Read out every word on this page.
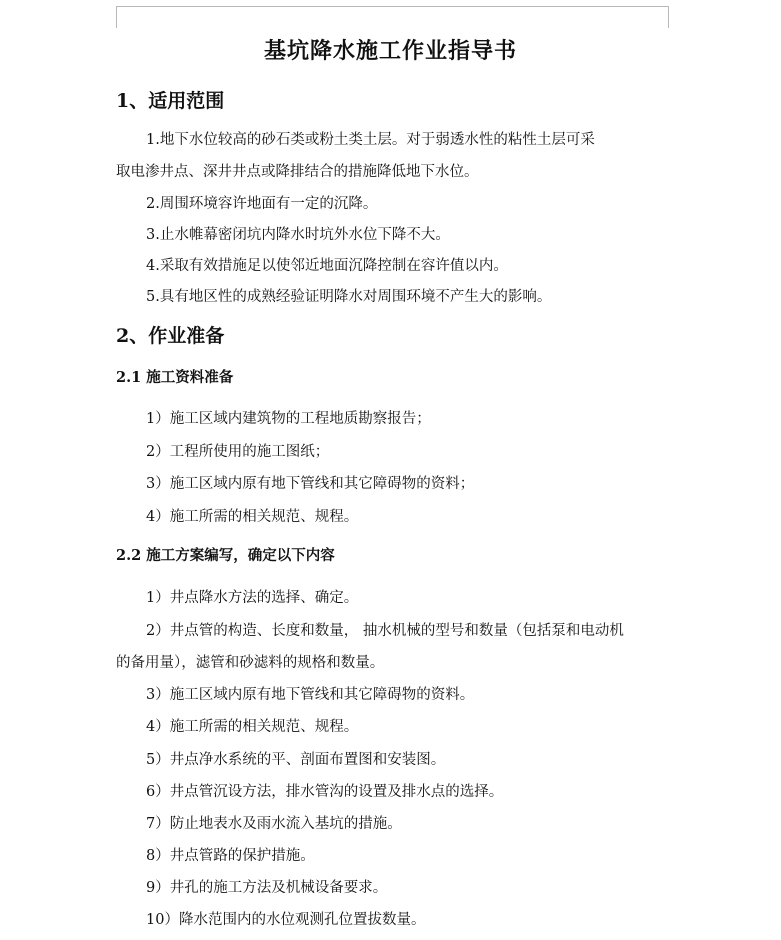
基坑降水施工作业指导书
1、适用范围
1.地下水位较高的砂石类或粉土类土层。对于弱透水性的粘性土层可采
取电渗井点、深井井点或降排结合的措施降低地下水位。
2.周围环境容许地面有一定的沉降。
3.止水帷幕密闭坑内降水时坑外水位下降不大。
4.采取有效措施足以使邻近地面沉降控制在容许值以内。
5.具有地区性的成熟经验证明降水对周围环境不产生大的影响。
2、作业准备
2.1 施工资料准备
1）施工区域内建筑物的工程地质勘察报告；
2）工程所使用的施工图纸；
3）施工区域内原有地下管线和其它障碍物的资料；
4）施工所需的相关规范、规程。
2.2 施工方案编写，确定以下内容
1）井点降水方法的选择、确定。
2）井点管的构造、长度和数量， 抽水机械的型号和数量（包括泵和电动机
的备用量），滤管和砂滤料的规格和数量。
3）施工区域内原有地下管线和其它障碍物的资料。
4）施工所需的相关规范、规程。
5）井点净水系统的平、剖面布置图和安装图。
6）井点管沉设方法，排水管沟的设置及排水点的选择。
7）防止地表水及雨水流入基坑的措施。
8）井点管路的保护措施。
9）井孔的施工方法及机械设备要求。
10）降水范围内的水位观测孔位置拔数量。
